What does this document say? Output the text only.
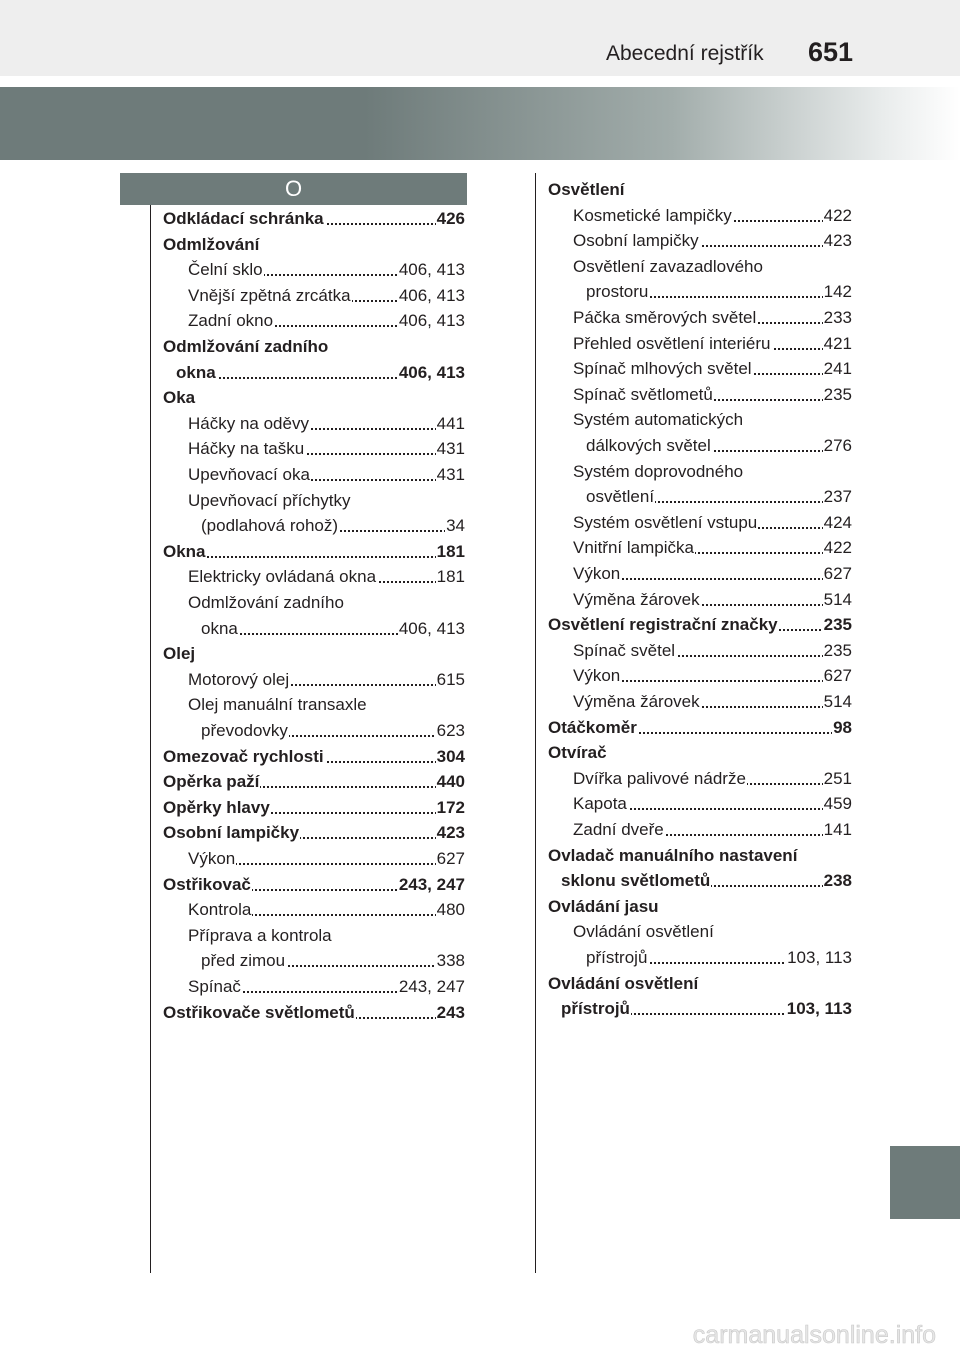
Abecední rejstřík 651
O
Odkládací schránka	426
Odmlžování
Čelní sklo	406, 413
Vnější zpětná zrcátka	406, 413
Zadní okno	406, 413
Odmlžování zadního
okna	406, 413
Oka
Háčky na oděvy	441
Háčky na tašku	431
Upevňovací oka	431
Upevňovací příchytky
(podlahová rohož)	34
Okna	181
Elektricky ovládaná okna	181
Odmlžování zadního
okna	406, 413
Olej
Motorový olej	615
Olej manuální transaxle
převodovky	623
Omezovač rychlosti	304
Opěrka paží	440
Opěrky hlavy	172
Osobní lampičky	423
Výkon	627
Ostřikovač	243, 247
Kontrola	480
Příprava a kontrola
před zimou	338
Spínač	243, 247
Ostřikovače světlometů	243
Osvětlení
Kosmetické lampičky	422
Osobní lampičky	423
Osvětlení zavazadlového
prostoru	142
Páčka směrových světel	233
Přehled osvětlení interiéru	421
Spínač mlhových světel	241
Spínač světlometů	235
Systém automatických
dálkových světel	276
Systém doprovodného
osvětlení	237
Systém osvětlení vstupu	424
Vnitřní lampička	422
Výkon	627
Výměna žárovek	514
Osvětlení registrační značky	235
Spínač světel	235
Výkon	627
Výměna žárovek	514
Otáčkoměr	98
Otvírač
Dvířka palivové nádrže	251
Kapota	459
Zadní dveře	141
Ovladač manuálního nastavení
sklonu světlometů	238
Ovládání jasu
Ovládání osvětlení
přístrojů	103, 113
Ovládání osvětlení
přístrojů	103, 113
carmanualsonline.info
